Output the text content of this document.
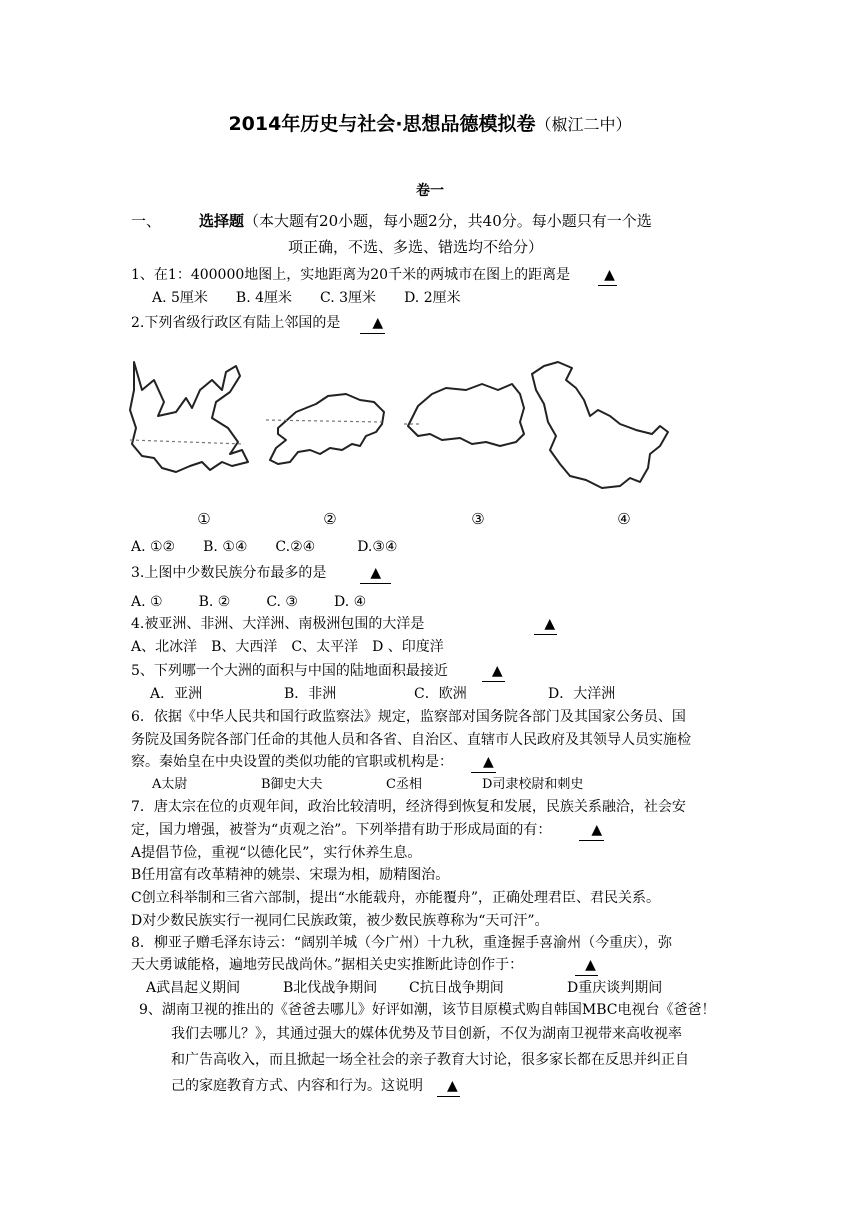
2014年历史与社会·思想品德模拟卷（椒江二中）
卷一
一、	选择题（本大题有20小题，每小题2分，共40分。每小题只有一个选
项正确，不选、多选、错选均不给分）
1、在1：400000地图上，实地距离为20千米的两城市在图上的距离是 ▲
A. 5厘米 B. 4厘米 C. 3厘米 D. 2厘米
2.下列省级行政区有陆上邻国的是 ▲
①	②	③	④
A. ①② B. ①④ C.②④	D.③④
3.上图中少数民族分布最多的是	▲
A. ①	B. ②	C. ③	D. ④
4.被亚洲、非洲、大洋洲、南极洲包围的大洋是	▲
A、北冰洋　B、大西洋　C、太平洋　D 、印度洋
5、下列哪一个大洲的面积与中国的陆地面积最接近	▲
A．亚洲	B．非洲	C．欧洲	D．大洋洲
6．依据《中华人民共和国行政监察法》规定，监察部对国务院各部门及其国家公务员、国
务院及国务院各部门任命的其他人员和各省、自治区、直辖市人民政府及其领导人员实施检
察。秦始皇在中央设置的类似功能的官职或机构是： ▲
A太尉	B御史大夫	C丞相	D司隶校尉和刺史
7．唐太宗在位的贞观年间，政治比较清明，经济得到恢复和发展，民族关系融洽，社会安
定，国力增强，被誉为“贞观之治”。下列举措有助于形成局面的有：	▲
A提倡节俭，重视“以德化民”，实行休养生息。
B任用富有改革精神的姚崇、宋璟为相，励精图治。
C创立科举制和三省六部制，提出“水能载舟，亦能覆舟”，正确处理君臣、君民关系。
D对少数民族实行一视同仁民族政策，被少数民族尊称为“天可汗”。
8．柳亚子赠毛泽东诗云：“阔别羊城（今广州）十九秋，重逢握手喜渝州（今重庆），弥
天大勇诚能格，遍地劳民战尚休。”据相关史实推断此诗创作于：	▲
A武昌起义期间	B北伐战争期间 C抗日战争期间	D重庆谈判期间
9、湖南卫视的推出的《爸爸去哪儿》好评如潮，该节目原模式购自韩国MBC电视台《爸爸！
我们去哪儿？》，其通过强大的媒体优势及节目创新，不仅为湖南卫视带来高收视率
和广告高收入，而且掀起一场全社会的亲子教育大讨论，很多家长都在反思并纠正自
己的家庭教育方式、内容和行为。这说明 ▲
